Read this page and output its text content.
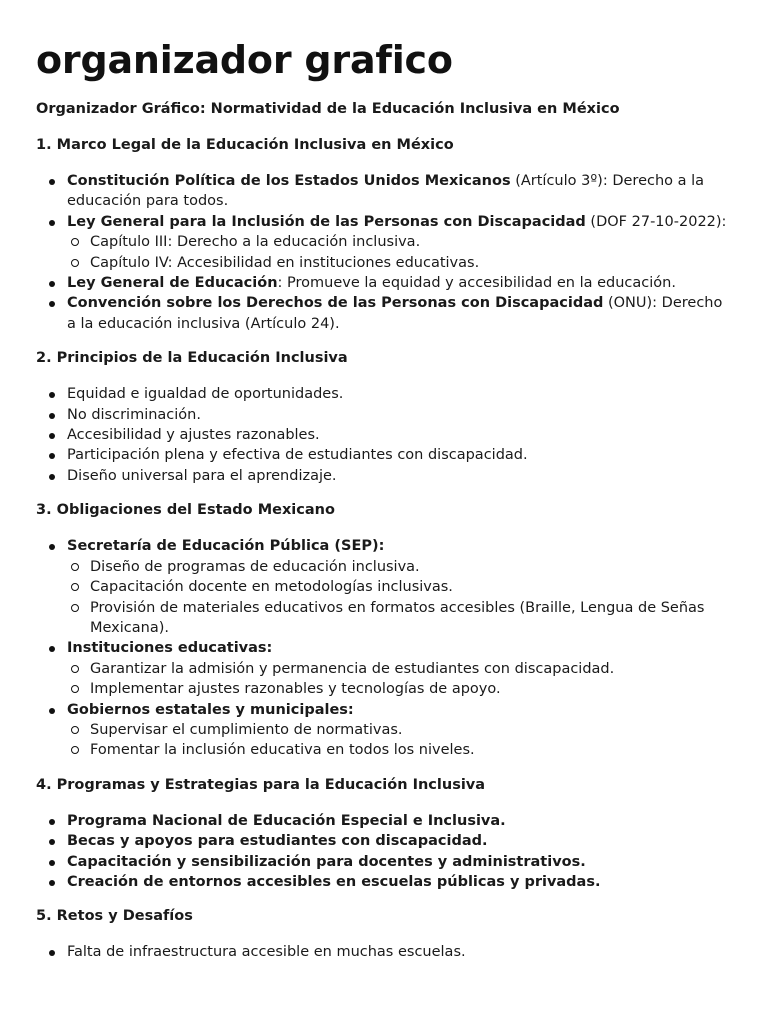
organizador grafico
Organizador Gráfico: Normatividad de la Educación Inclusiva en México
1. Marco Legal de la Educación Inclusiva en México
Constitución Política de los Estados Unidos Mexicanos (Artículo 3º): Derecho a la educación para todos.
Ley General para la Inclusión de las Personas con Discapacidad (DOF 27-10-2022):
Capítulo III: Derecho a la educación inclusiva.
Capítulo IV: Accesibilidad en instituciones educativas.
Ley General de Educación: Promueve la equidad y accesibilidad en la educación.
Convención sobre los Derechos de las Personas con Discapacidad (ONU): Derecho a la educación inclusiva (Artículo 24).
2. Principios de la Educación Inclusiva
Equidad e igualdad de oportunidades.
No discriminación.
Accesibilidad y ajustes razonables.
Participación plena y efectiva de estudiantes con discapacidad.
Diseño universal para el aprendizaje.
3. Obligaciones del Estado Mexicano
Secretaría de Educación Pública (SEP):
Diseño de programas de educación inclusiva.
Capacitación docente en metodologías inclusivas.
Provisión de materiales educativos en formatos accesibles (Braille, Lengua de Señas Mexicana).
Instituciones educativas:
Garantizar la admisión y permanencia de estudiantes con discapacidad.
Implementar ajustes razonables y tecnologías de apoyo.
Gobiernos estatales y municipales:
Supervisar el cumplimiento de normativas.
Fomentar la inclusión educativa en todos los niveles.
4. Programas y Estrategias para la Educación Inclusiva
Programa Nacional de Educación Especial e Inclusiva.
Becas y apoyos para estudiantes con discapacidad.
Capacitación y sensibilización para docentes y administrativos.
Creación de entornos accesibles en escuelas públicas y privadas.
5. Retos y Desafíos
Falta de infraestructura accesible en muchas escuelas.
